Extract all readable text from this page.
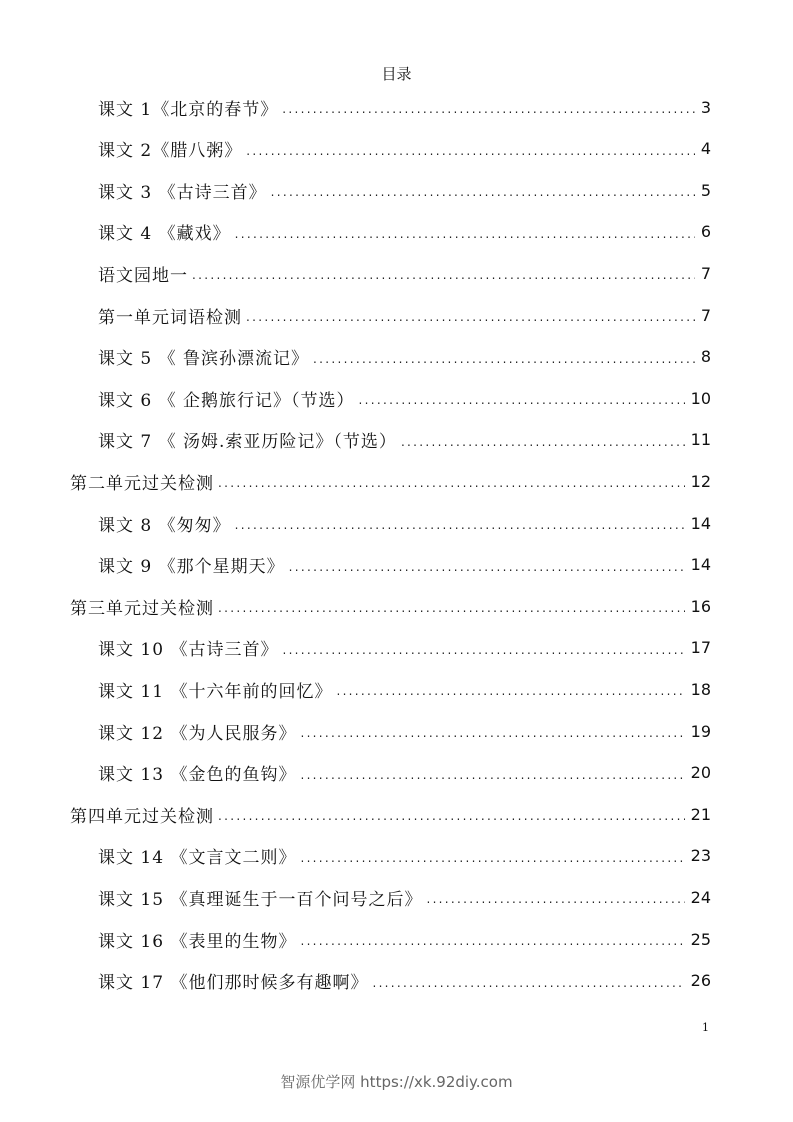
目录
课文 1《北京的春节》 .....	3
课文 2《腊八粥》 .....	4
课文 3 《古诗三首》 .....	5
课文 4 《藏戏》 .....	6
语文园地一 .....	7
第一单元词语检测 .....	7
课文 5 《 鲁滨孙漂流记》 .....	8
课文 6 《 企鹅旅行记》（节选） .....	10
课文 7 《 汤姆.索亚历险记》（节选） .....	11
第二单元过关检测 .....	12
课文 8 《匆匆》 .....	14
课文 9 《那个星期天》 .....	14
第三单元过关检测 .....	16
课文 10 《古诗三首》 .....	17
课文 11 《十六年前的回忆》 .....	18
课文 12 《为人民服务》 .....	19
课文 13 《金色的鱼钩》 .....	20
第四单元过关检测 .....	21
课文 14 《文言文二则》 .....	23
课文 15 《真理诞生于一百个问号之后》 .....	24
课文 16 《表里的生物》 .....	25
课文 17 《他们那时候多有趣啊》 .....	26
1
智源优学网 https://xk.92diy.com
